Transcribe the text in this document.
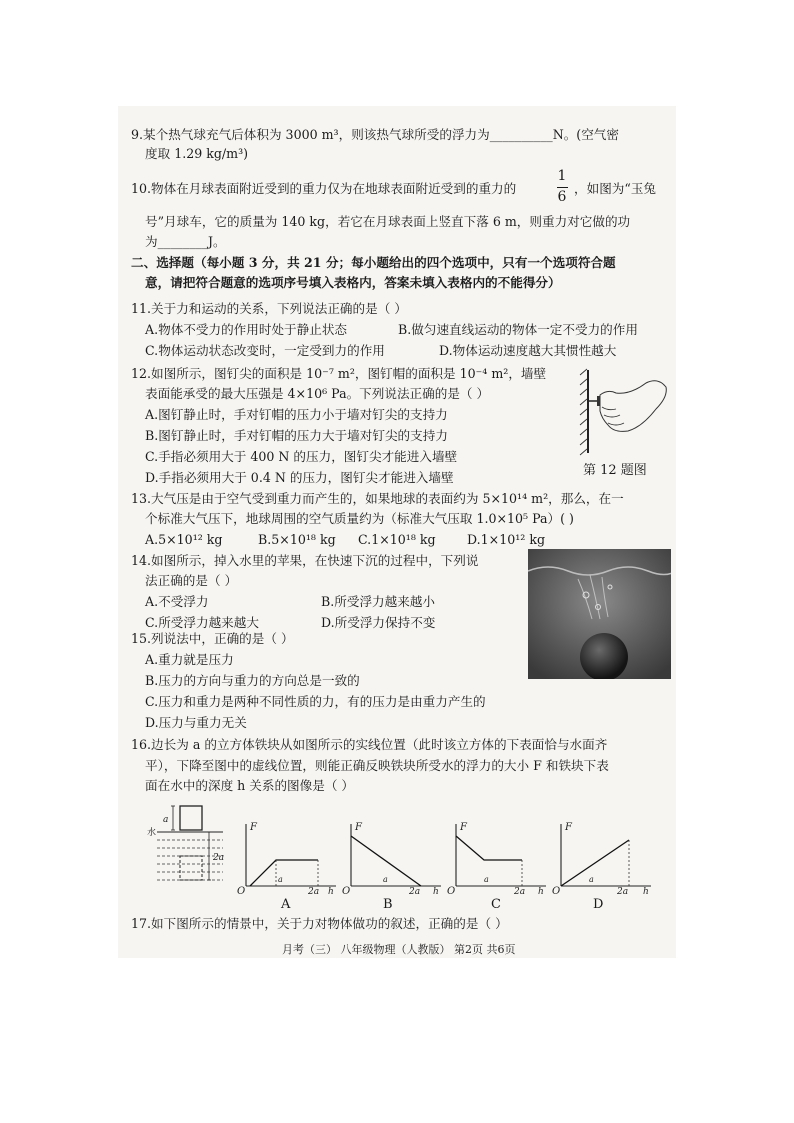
9.某个热气球充气后体积为 3000 m³，则该热气球所受的浮力为__________N。(空气密
度取 1.29 kg/m³)
10.物体在月球表面附近受到的重力仅为在地球表面附近受到的重力的
1
6
，如图为“玉兔
号”月球车，它的质量为 140 kg，若它在月球表面上竖直下落 6 m，则重力对它做的功
为________J。
二、选择题（每小题 3 分，共 21 分；每小题给出的四个选项中，只有一个选项符合题
意，请把符合题意的选项序号填入表格内，答案未填入表格内的不能得分）
11.关于力和运动的关系，下列说法正确的是（ ）
A.物体不受力的作用时处于静止状态	B.做匀速直线运动的物体一定不受力的作用
C.物体运动状态改变时，一定受到力的作用	D.物体运动速度越大其惯性越大
12.如图所示，图钉尖的面积是 10⁻⁷ m²，图钉帽的面积是 10⁻⁴ m²，墙壁
表面能承受的最大压强是 4×10⁶ Pa。下列说法正确的是（ ）
A.图钉静止时，手对钉帽的压力小于墙对钉尖的支持力
B.图钉静止时，手对钉帽的压力大于墙对钉尖的支持力
C.手指必须用大于 400 N 的压力，图钉尖才能进入墙壁
D.手指必须用大于 0.4 N 的压力，图钉尖才能进入墙壁	第 12 题图
13.大气压是由于空气受到重力而产生的，如果地球的表面约为 5×10¹⁴ m²，那么，在一
个标准大气压下，地球周围的空气质量约为（标准大气压取 1.0×10⁵ Pa）( )
A.5×10¹² kg	B.5×10¹⁸ kg C.1×10¹⁸ kg D.1×10¹² kg
14.如图所示，掉入水里的苹果，在快速下沉的过程中，下列说
法正确的是（ ）
A.不受浮力	B.所受浮力越来越小
C.所受浮力越来越大	D.所受浮力保持不变
15.列说法中，正确的是（ ）
A.重力就是压力
B.压力的方向与重力的方向总是一致的
C.压力和重力是两种不同性质的力，有的压力是由重力产生的
D.压力与重力无关
16.边长为 a 的立方体铁块从如图所示的实线位置（此时该立方体的下表面恰与水面齐
平），下降至图中的虚线位置，则能正确反映铁块所受水的浮力的大小 F 和铁块下表
面在水中的深度 h 关系的图像是（ ）
a
水
2a
F
O
a
2a h
F
O
a
2a h
F
O
a
2a h
F
O
a
2a h
A	B	C	D
17.如下图所示的情景中，关于力对物体做功的叙述，正确的是（ ）
月考（三） 八年级物理（人教版） 第2页 共6页
